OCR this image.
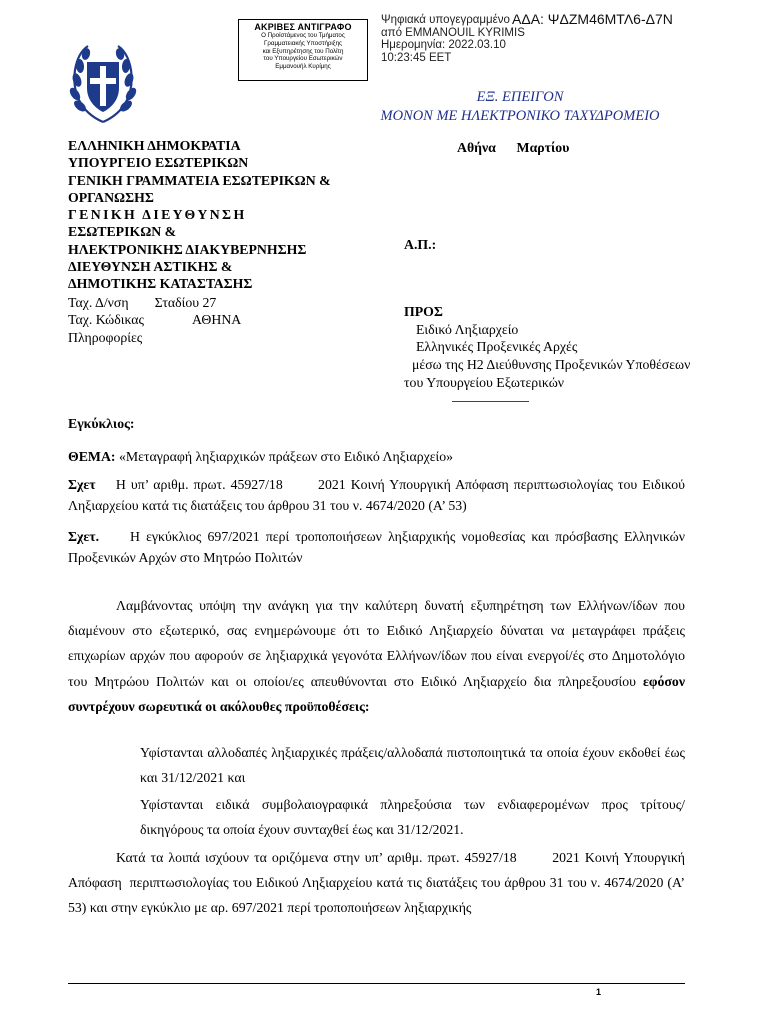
ΑΚΡΙΒΕΣ ΑΝΤΙΓΡΑΦΟ
Ο Προϊστάμενος του Τμήματος
Γραμματειακής Υποστήριξης
και Εξυπηρέτησης του Πολίτη
του Υπουργείου Εσωτερικών
Εμμανουήλ Κυρίμης
Ψηφιακά υπογεγραμμένο
από EMMANOUIL KYRIMIS
Ημερομηνία: 2022.03.10
10:23:45 EET
ΑΔΑ: ΨΔΖΜ46ΜΤΛ6-Δ7Ν
ΕΞ. ΕΠΕΙΓΟΝ
ΜΟΝΟΝ ΜΕ ΗΛΕΚΤΡΟΝΙΚΟ ΤΑΧΥΔΡΟΜΕΙΟ
ΕΛΛΗΝΙΚΗ ΔΗΜΟΚΡΑΤΙΑ
ΥΠΟΥΡΓΕΙΟ ΕΣΩΤΕΡΙΚΩΝ
ΓΕΝΙΚΗ ΓΡΑΜΜΑΤΕΙΑ ΕΣΩΤΕΡΙΚΩΝ &
ΟΡΓΑΝΩΣΗΣ
ΓΕΝΙΚΗ ΔΙΕΥΘΥΝΣΗ
ΕΣΩΤΕΡΙΚΩΝ &
ΗΛΕΚΤΡΟΝΙΚΗΣ ΔΙΑΚΥΒΕΡΝΗΣΗΣ
ΔΙΕΥΘΥΝΣΗ ΑΣΤΙΚΗΣ &
ΔΗΜΟΤΙΚΗΣ ΚΑΤΑΣΤΑΣΗΣ
Ταχ. Δ/νση Σταδίου 27
Ταχ. Κώδικας	ΑΘΗΝΑ
Πληροφορίες
Αθήνα      Μαρτίου
Α.Π.:
ΠΡΟΣ
Ειδικό Ληξιαρχείο
Ελληνικές Προξενικές Αρχές
μέσω της Η2 Διεύθυνσης Προξενικών Υποθέσεων
του Υπουργείου Εξωτερικών
Εγκύκλιος:
ΘΕΜΑ: «Μεταγραφή ληξιαρχικών πράξεων στο Ειδικό Ληξιαρχείο»
Σχετ    Η υπ’ αριθμ. πρωτ. 45927/18       2021 Κοινή Υπουργική Απόφαση περιπτωσιολογίας του Ειδικού Ληξιαρχείου κατά τις διατάξεις του άρθρου 31 του ν. 4674/2020 (Α’ 53)
Σχετ.     Η εγκύκλιος 697/2021 περί τροποποιήσεων ληξιαρχικής νομοθεσίας και πρόσβασης Ελληνικών Προξενικών Αρχών στο Μητρώο Πολιτών
Λαμβάνοντας υπόψη την ανάγκη για την καλύτερη δυνατή εξυπηρέτηση των Ελλήνων/ίδων που διαμένουν στο εξωτερικό, σας ενημερώνουμε ότι το Ειδικό Ληξιαρχείο δύναται να μεταγράφει πράξεις επιχωρίων αρχών που αφορούν σε ληξιαρχικά γεγονότα Ελλήνων/ίδων που είναι ενεργοί/ές στο Δημοτολόγιο του Μητρώου Πολιτών και οι οποίοι/ες απευθύνονται στο Ειδικό Ληξιαρχείο δια πληρεξουσίου εφόσον συντρέχουν σωρευτικά οι ακόλουθες προϋποθέσεις:
Υφίστανται αλλοδαπές ληξιαρχικές πράξεις/αλλοδαπά πιστοποιητικά τα οποία έχουν εκδοθεί έως και 31/12/2021 και
Υφίστανται ειδικά συμβολαιογραφικά πληρεξούσια των ενδιαφερομένων προς τρίτους/δικηγόρους τα οποία έχουν συνταχθεί έως και 31/12/2021.
Κατά τα λοιπά ισχύουν τα οριζόμενα στην υπ’ αριθμ. πρωτ. 45927/18       2021 Κοινή Υπουργική Απόφαση  περιπτωσιολογίας του Ειδικού Ληξιαρχείου κατά τις διατάξεις του άρθρου 31 του ν. 4674/2020 (Α’ 53) και στην εγκύκλιο με αρ. 697/2021 περί τροποποιήσεων ληξιαρχικής
1
